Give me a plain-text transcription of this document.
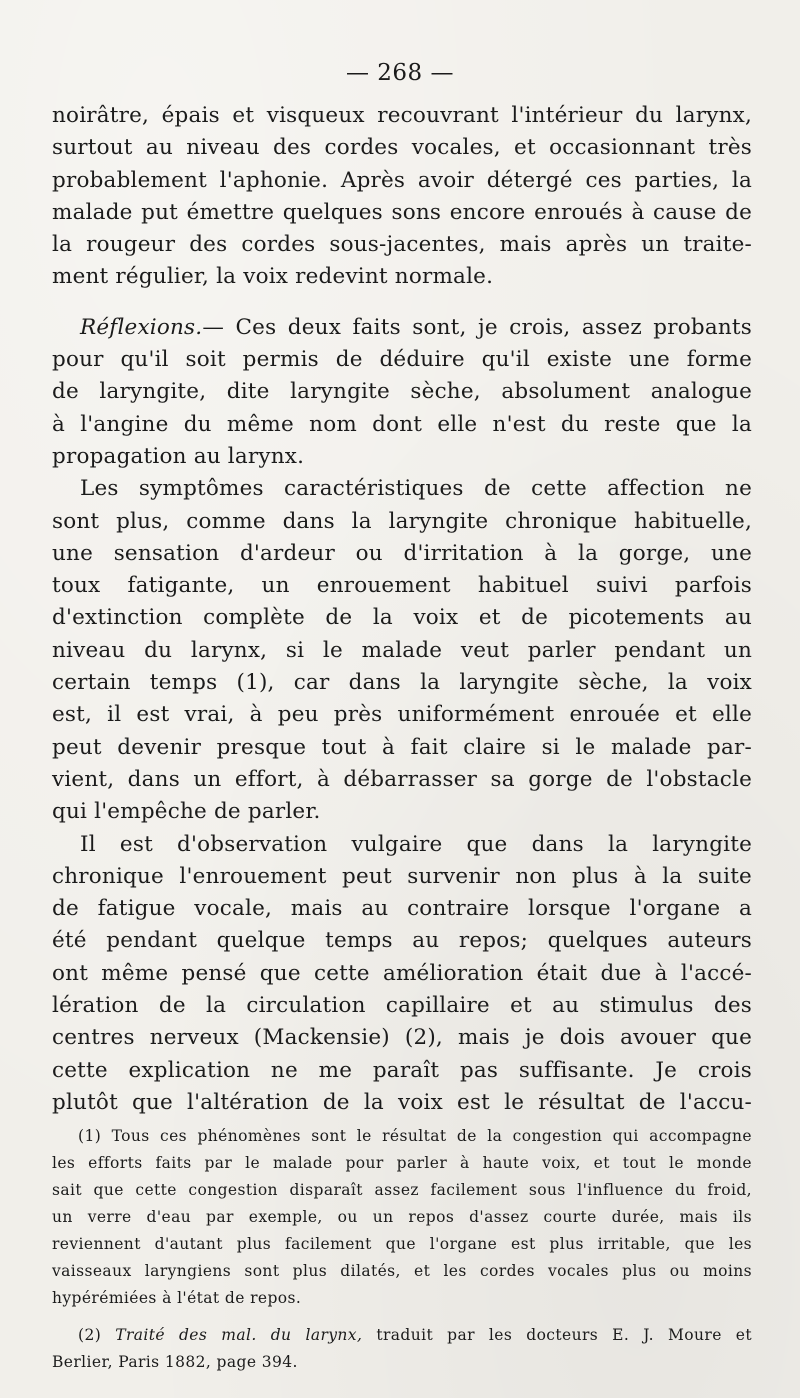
— 268 —
noirâtre, épais et visqueux recouvrant l'intérieur du larynx,
surtout au niveau des cordes vocales, et occasionnant très
probablement l'aphonie. Après avoir détergé ces parties, la
malade put émettre quelques sons encore enroués à cause de
la rougeur des cordes sous-jacentes, mais après un traite-
ment régulier, la voix redevint normale.
Réflexions.— Ces deux faits sont, je crois, assez probants
pour qu'il soit permis de déduire qu'il existe une forme
de laryngite, dite laryngite sèche, absolument analogue
à l'angine du même nom dont elle n'est du reste que la
propagation au larynx.
Les symptômes caractéristiques de cette affection ne
sont plus, comme dans la laryngite chronique habituelle,
une sensation d'ardeur ou d'irritation à la gorge, une
toux fatigante, un enrouement habituel suivi parfois
d'extinction complète de la voix et de picotements au
niveau du larynx, si le malade veut parler pendant un
certain temps (1), car dans la laryngite sèche, la voix
est, il est vrai, à peu près uniformément enrouée et elle
peut devenir presque tout à fait claire si le malade par-
vient, dans un effort, à débarrasser sa gorge de l'obstacle
qui l'empêche de parler.
Il est d'observation vulgaire que dans la laryngite
chronique l'enrouement peut survenir non plus à la suite
de fatigue vocale, mais au contraire lorsque l'organe a
été pendant quelque temps au repos; quelques auteurs
ont même pensé que cette amélioration était due à l'accé-
lération de la circulation capillaire et au stimulus des
centres nerveux (Mackensie) (2), mais je dois avouer que
cette explication ne me paraît pas suffisante. Je crois
plutôt que l'altération de la voix est le résultat de l'accu-
(1) Tous ces phénomènes sont le résultat de la congestion qui accompagne
les efforts faits par le malade pour parler à haute voix, et tout le monde
sait que cette congestion disparaît assez facilement sous l'influence du froid,
un verre d'eau par exemple, ou un repos d'assez courte durée, mais ils
reviennent d'autant plus facilement que l'organe est plus irritable, que les
vaisseaux laryngiens sont plus dilatés, et les cordes vocales plus ou moins
hypérémiées à l'état de repos.
(2) Traité des mal. du larynx, traduit par les docteurs E. J. Moure et
Berlier, Paris 1882, page 394.
